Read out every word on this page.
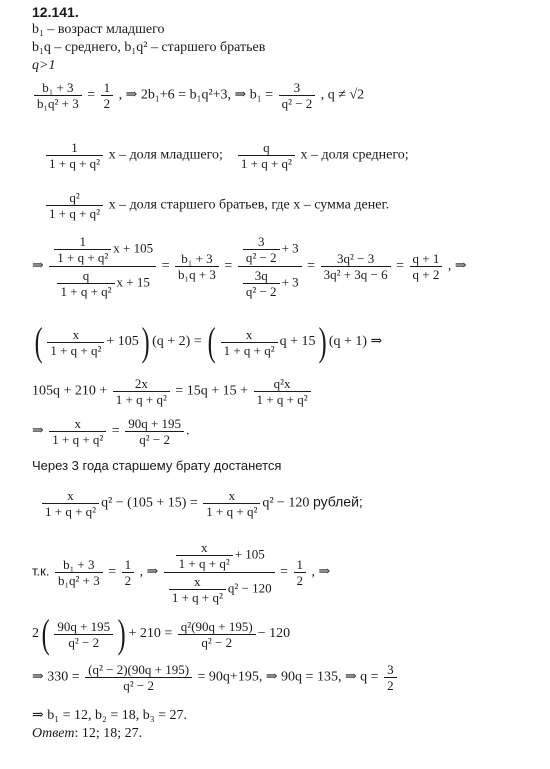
12.141.
b₁ – возраст младшего
b₁q – среднего, b₁q² – старшего братьев
q>1
$\frac{\text{b₁ + 3}}{\text{b₁q² + 3}} = \frac{1}{2}$ , ⇒ 2b₁+6 = b₁q²+3, ⇒ $b_1 = \frac{3}{\text{q² − 2}}$ , q ≠ √2
$\frac{1}{\text{1 + q + q²}}$ x – доля младшего; $\frac{q}{\text{1 + q + q²}}$ x – доля среднего;
$\frac{\text{q²}}{\text{1 + q + q²}}$ x – доля старшего братьев, где x – сумма денег.
⇒ $\frac{\frac{1}{\text{1 + q + q²}} x + 105}{\frac{q}{\text{1 + q + q²}} x + 15} = \frac{\text{b₁ + 3}}{\text{b₁q + 3}} = \frac{\frac{3}{\text{q² − 2}} + 3}{\frac{3q}{\text{q² − 2}} + 3} = \frac{\text{3q² − 3}}{\text{3q² + 3q − 6}} = \frac{q + 1}{q + 2}$ , ⇒
( $\frac{x}{\text{1 + q + q²}} + 105$) (q + 2) = ( $\frac{x}{\text{1 + q + q²}}$ q + 15) (q + 1) ⇒
$105q + 210 + \frac{2x}{\text{1 + q + q²}} = 15q + 15 + \frac{\text{q²x}}{\text{1 + q + q²}}$
⇒ $\frac{x}{\text{1 + q + q²}} = \frac{90q + 195}{\text{q² − 2}}$ .
Через 3 года старшему брату достанется
$\frac{x}{\text{1 + q + q²}} q^2 - (105 + 15) = \frac{x}{\text{1 + q + q²}} q^2 - 120$ рублей;
т.к. $\frac{\text{b₁ + 3}}{\text{b₁q² + 3}} = \frac{1}{2}$ , ⇒ $\frac{\frac{x}{\text{1 + q + q²}} + 105}{\frac{x}{\text{1 + q + q²}} q^2 - 120} = \frac{1}{2}$ , ⇒
$2( \frac{90q + 195}{\text{q² − 2}}$ ) + $210 = \frac{\text{q²(90q + 195)}}{\text{q² − 2}} - 120$
⇒ $330 = \frac{\text{(q² − 2)(90q + 195)}}{\text{q² − 2}} = 90q+195$, ⇒ 90q = 135, ⇒ $q = \frac{3}{2}$
⇒ b₁ = 12, b₂ = 18, b₃ = 27.
Ответ: 12; 18; 27.
